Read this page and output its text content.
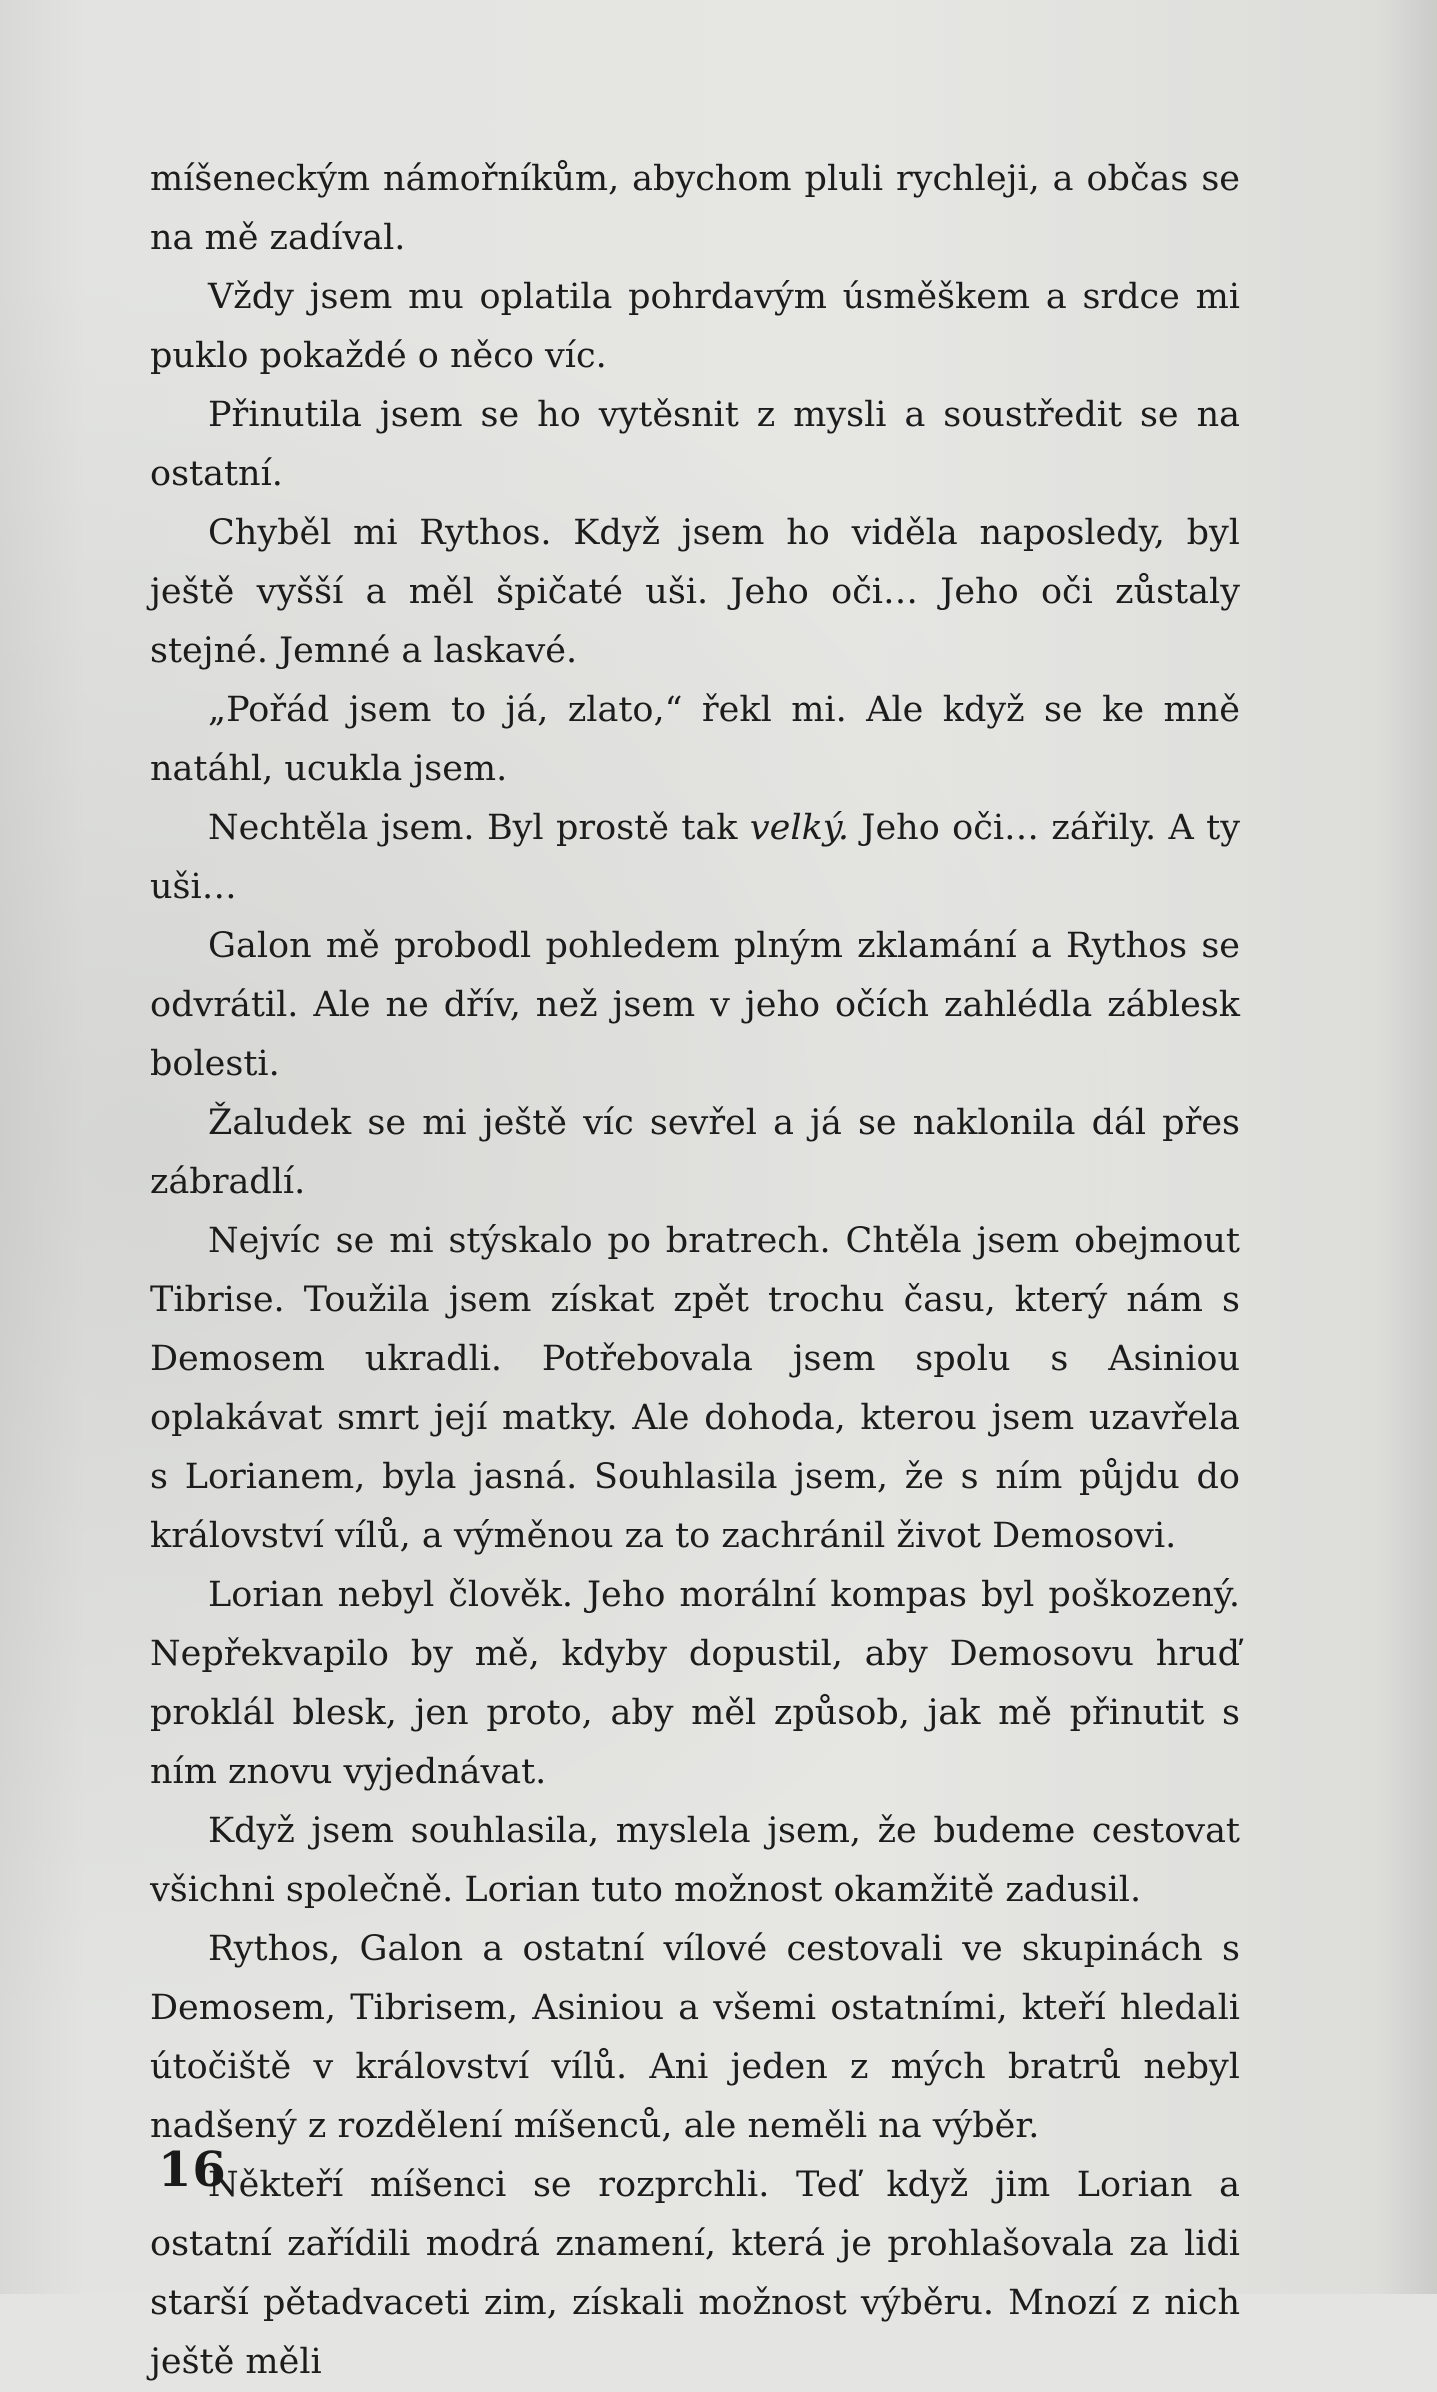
míšeneckým námořníkům, abychom pluli rychleji, a občas se na mě zadíval.

Vždy jsem mu oplatila pohrdavým úsměškem a srdce mi puklo pokaždé o něco víc.

Přinutila jsem se ho vytěsnit z mysli a soustředit se na ostatní.

Chyběl mi Rythos. Když jsem ho viděla naposledy, byl ještě vyšší a měl špičaté uši. Jeho oči… Jeho oči zůstaly stejné. Jemné a laskavé.

„Pořád jsem to já, zlato,“ řekl mi. Ale když se ke mně natáhl, ucukla jsem.

Nechtěla jsem. Byl prostě tak velký. Jeho oči… zářily. A ty uši…

Galon mě probodl pohledem plným zklamání a Rythos se odvrátil. Ale ne dřív, než jsem v jeho očích zahlédla záblesk bolesti.

Žaludek se mi ještě víc sevřel a já se naklonila dál přes zábradlí.

Nejvíc se mi stýskalo po bratrech. Chtěla jsem obejmout Tibrise. Toužila jsem získat zpět trochu času, který nám s Demosem ukradli. Potřebovala jsem spolu s Asiniou oplakávat smrt její matky. Ale dohoda, kterou jsem uzavřela s Lorianem, byla jasná. Souhlasila jsem, že s ním půjdu do království vílů, a výměnou za to zachránil život Demosovi.

Lorian nebyl člověk. Jeho morální kompas byl poškozený. Nepřekvapilo by mě, kdyby dopustil, aby Demosovu hruď proklál blesk, jen proto, aby měl způsob, jak mě přinutit s ním znovu vyjednávat.

Když jsem souhlasila, myslela jsem, že budeme cestovat všichni společně. Lorian tuto možnost okamžitě zadusil.

Rythos, Galon a ostatní vílové cestovali ve skupinách s Demosem, Tibrisem, Asiniou a všemi ostatními, kteří hledali útočiště v království vílů. Ani jeden z mých bratrů nebyl nadšený z rozdělení míšenců, ale neměli na výběr.

Někteří míšenci se rozprchli. Teď když jim Lorian a ostatní zařídili modrá znamení, která je prohlašovala za lidi starší pětadvaceti zim, získali možnost výběru. Mnozí z nich ještě měli

16
